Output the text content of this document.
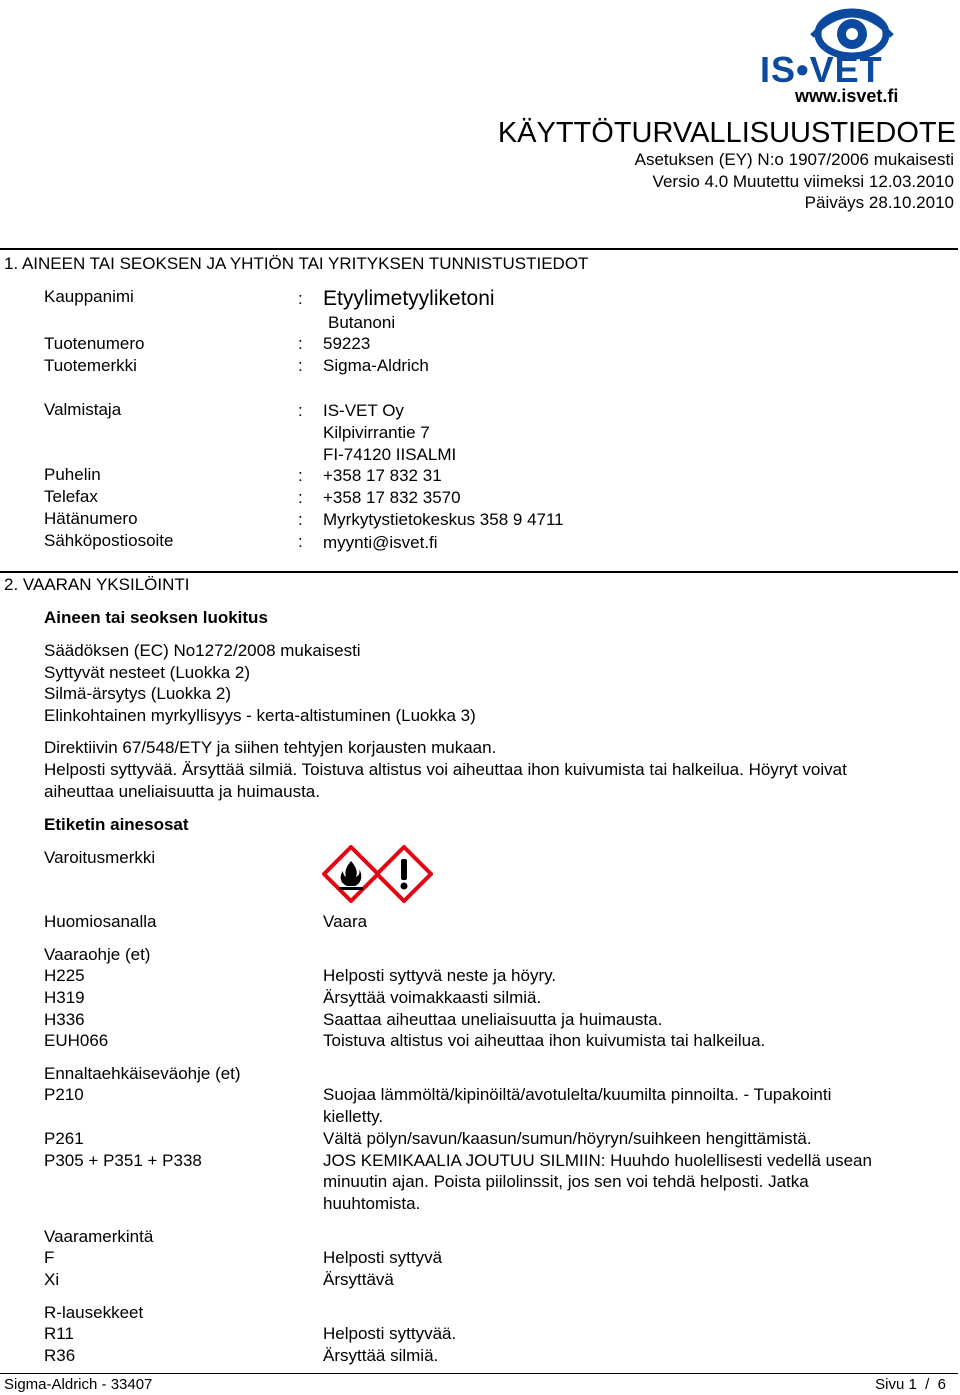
IS•VET
www.isvet.fi
KÄYTTÖTURVALLISUUSTIEDOTE
Asetuksen (EY) N:o 1907/2006 mukaisesti
Versio 4.0 Muutettu viimeksi 12.03.2010
Päiväys 28.10.2010
1. AINEEN TAI SEOKSEN JA YHTIÖN TAI YRITYKSEN TUNNISTUSTIEDOT
Kauppanimi	: Etyylimetyyliketoni
Butanoni
Tuotenumero	: 59223
Tuotemerkki	: Sigma-Aldrich
Valmistaja	: IS-VET Oy
Kilpivirrantie 7
FI-74120 IISALMI
Puhelin	: +358 17 832 31
Telefax	: +358 17 832 3570
Hätänumero	: Myrkytystietokeskus 358 9 4711
Sähköpostiosoite	: myynti@isvet.fi
2. VAARAN YKSILÖINTI
Aineen tai seoksen luokitus
Säädöksen (EC) No1272/2008 mukaisesti
Syttyvät nesteet (Luokka 2)
Silmä-ärsytys (Luokka 2)
Elinkohtainen myrkyllisyys - kerta-altistuminen (Luokka 3)
Direktiivin 67/548/ETY ja siihen tehtyjen korjausten mukaan.
Helposti syttyvää. Ärsyttää silmiä. Toistuva altistus voi aiheuttaa ihon kuivumista tai halkeilua. Höyryt voivat
aiheuttaa uneliaisuutta ja huimausta.
Etiketin ainesosat
Varoitusmerkki
Huomiosanalla	Vaara
Vaaraohje (et)
H225	Helposti syttyvä neste ja höyry.
H319	Ärsyttää voimakkaasti silmiä.
H336	Saattaa aiheuttaa uneliaisuutta ja huimausta.
EUH066	Toistuva altistus voi aiheuttaa ihon kuivumista tai halkeilua.
Ennaltaehkäiseväohje (et)
P210	Suojaa lämmöltä/kipinöiltä/avotulelta/kuumilta pinnoilta. - Tupakointi
kielletty.
P261	Vältä pölyn/savun/kaasun/sumun/höyryn/suihkeen hengittämistä.
P305 + P351 + P338	JOS KEMIKAALIA JOUTUU SILMIIN: Huuhdo huolellisesti vedellä usean
minuutin ajan. Poista piilolinssit, jos sen voi tehdä helposti. Jatka
huuhtomista.
Vaaramerkintä
F	Helposti syttyvä
Xi	Ärsyttävä
R-lausekkeet
R11	Helposti syttyvää.
R36	Ärsyttää silmiä.
Sigma-Aldrich - 33407	Sivu 1  /  6
